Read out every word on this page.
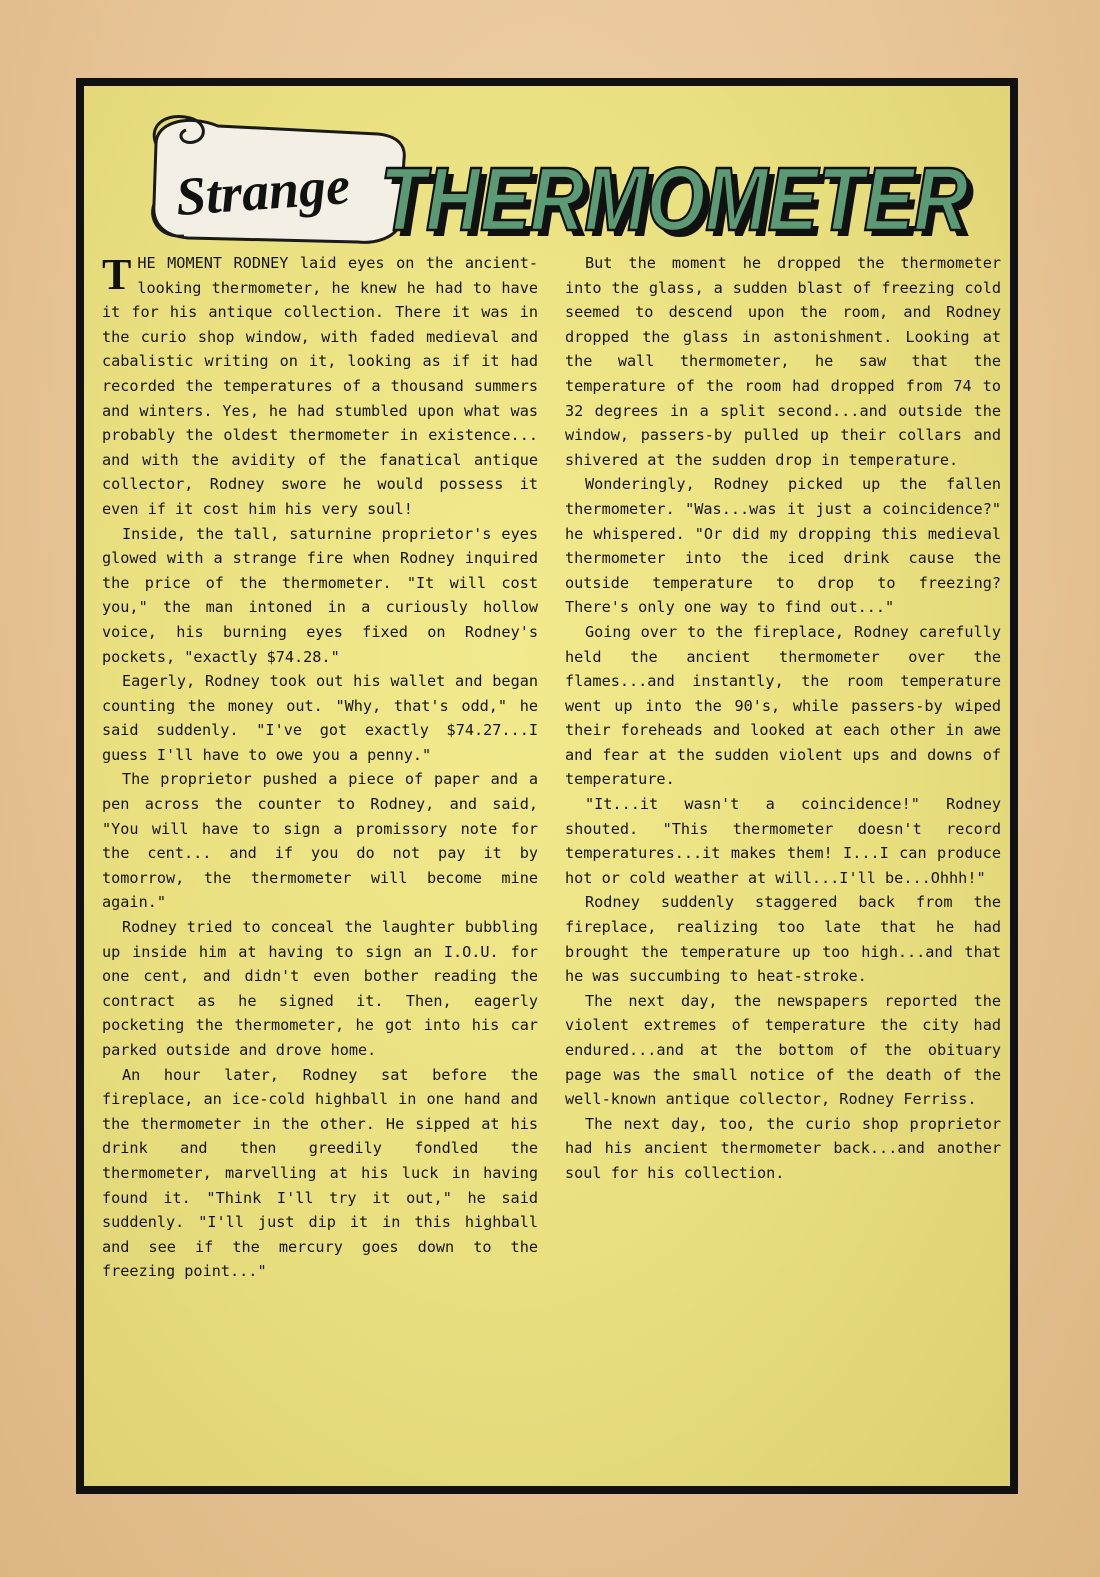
Strange THERMOMETER
THERMOMETER

THE MOMENT RODNEY laid eyes on the ancient-looking thermometer, he knew he had to have it for his antique collection. There it was in the curio shop window, with faded medieval and cabalistic writing on it, looking as if it had recorded the temperatures of a thousand summers and winters. Yes, he had stumbled upon what was probably the oldest thermometer in existence... and with the avidity of the fanatical antique collector, Rodney swore he would possess it even if it cost him his very soul!

Inside, the tall, saturnine proprietor's eyes glowed with a strange fire when Rodney inquired the price of the thermometer. "It will cost you," the man intoned in a curiously hollow voice, his burning eyes fixed on Rodney's pockets, "exactly $74.28."

Eagerly, Rodney took out his wallet and began counting the money out. "Why, that's odd," he said suddenly. "I've got exactly $74.27...I guess I'll have to owe you a penny."

The proprietor pushed a piece of paper and a pen across the counter to Rodney, and said, "You will have to sign a promissory note for the cent... and if you do not pay it by tomorrow, the thermometer will become mine again."

Rodney tried to conceal the laughter bubbling up inside him at having to sign an I.O.U. for one cent, and didn't even bother reading the contract as he signed it. Then, eagerly pocketing the thermometer, he got into his car parked outside and drove home.

An hour later, Rodney sat before the fireplace, an ice-cold highball in one hand and the thermometer in the other. He sipped at his drink and then greedily fondled the thermometer, marvelling at his luck in having found it. "Think I'll try it out," he said suddenly. "I'll just dip it in this highball and see if the mercury goes down to the freezing point..."

But the moment he dropped the thermometer into the glass, a sudden blast of freezing cold seemed to descend upon the room, and Rodney dropped the glass in astonishment. Looking at the wall thermometer, he saw that the temperature of the room had dropped from 74 to 32 degrees in a split second...and outside the window, passers-by pulled up their collars and shivered at the sudden drop in temperature.

Wonderingly, Rodney picked up the fallen thermometer. "Was...was it just a coincidence?" he whispered. "Or did my dropping this medieval thermometer into the iced drink cause the outside temperature to drop to freezing? There's only one way to find out..."

Going over to the fireplace, Rodney carefully held the ancient thermometer over the flames...and instantly, the room temperature went up into the 90's, while passers-by wiped their foreheads and looked at each other in awe and fear at the sudden violent ups and downs of temperature.

"It...it wasn't a coincidence!" Rodney shouted. "This thermometer doesn't record temperatures...it makes them! I...I can produce hot or cold weather at will...I'll be...Ohhh!"

Rodney suddenly staggered back from the fireplace, realizing too late that he had brought the temperature up too high...and that he was succumbing to heat-stroke.

The next day, the newspapers reported the violent extremes of temperature the city had endured...and at the bottom of the obituary page was the small notice of the death of the well-known antique collector, Rodney Ferriss.

The next day, too, the curio shop proprietor had his ancient thermometer back...and another soul for his collection.
